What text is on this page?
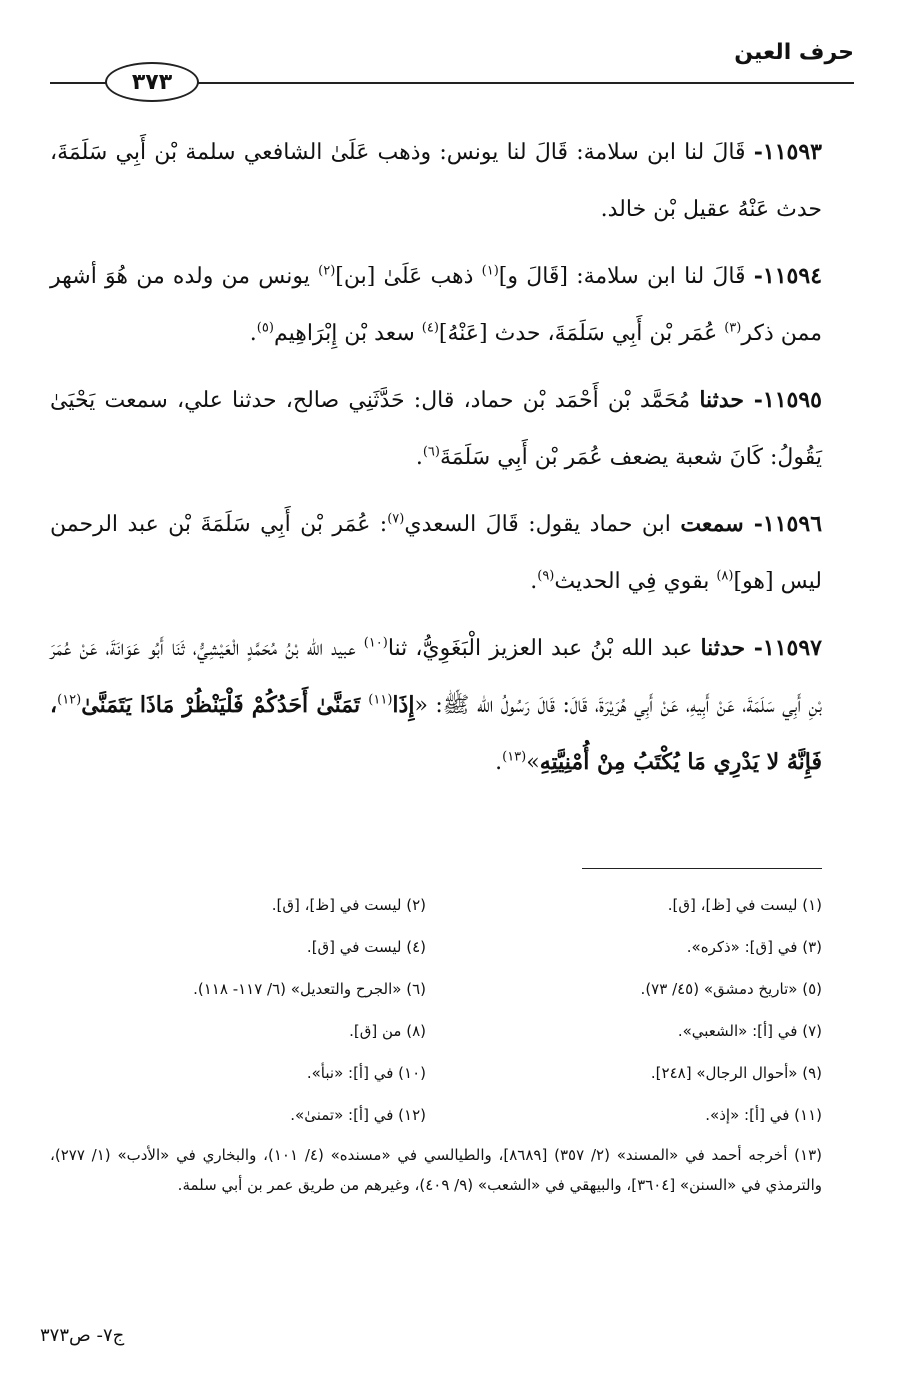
حرف العين
٣٧٣

١١٥٩٣- قَالَ لنا ابن سلامة: قَالَ لنا يونس: وذهب عَلَىٰ الشافعي سلمة بْن أَبِي سَلَمَةَ، حدث عَنْهُ عقيل بْن خالد.

١١٥٩٤- قَالَ لنا ابن سلامة: [قَالَ و]$^{(١)}$ ذهب عَلَىٰ [بن]$^{(٢)}$ يونس من ولده من هُوَ أشهر ممن ذكر$^{(٣)}$ عُمَر بْن أَبِي سَلَمَةَ، حدث [عَنْهُ]$^{(٤)}$ سعد بْن إِبْرَاهِيم$^{(٥)}$.

١١٥٩٥- حدثنا مُحَمَّد بْن أَحْمَد بْن حماد، قال: حَدَّثَنِي صالح، حدثنا علي، سمعت يَحْيَىٰ يَقُولُ: كَانَ شعبة يضعف عُمَر بْن أَبِي سَلَمَةَ$^{(٦)}$.

١١٥٩٦- سمعت ابن حماد يقول: قَالَ السعدي$^{(٧)}$: عُمَر بْن أَبِي سَلَمَةَ بْن عبد الرحمن ليس [هو]$^{(٨)}$ بقوي فِي الحديث$^{(٩)}$.

١١٥٩٧- حدثنا عبد الله بْنُ عبد العزيز الْبَغَوِيُّ، ثنا$^{(١٠)}$ عبيد الله بْنُ مُحَمَّدٍ الْعَيْشِيُّ، ثَنَا أَبُو عَوَانَةَ، عَنْ عُمَرَ بْنِ أَبِي سَلَمَةَ، عَنْ أَبِيهِ، عَنْ أَبِي هُرَيْرَةَ، قَالَ: قَالَ رَسُولُ الله ﷺ: «إِذَا$^{(١١)}$ تَمَنَّىٰ أَحَدُكُمْ فَلْيَنْظُرْ مَاذَا يَتَمَنَّىٰ$^{(١٢)}$، فَإِنَّهُ لا يَدْرِي مَا يُكْتَبُ مِنْ أُمْنِيَّتِهِ»$^{(١٣)}$.

(١) ليست في [ظ]، [ق].
(٢) ليست في [ظ]، [ق].
(٣) في [ق]: «ذكره».
(٤) ليست في [ق].
(٥) «تاريخ دمشق» (٤٥/ ٧٣).
(٦) «الجرح والتعديل» (٦/ ١١٧- ١١٨).
(٧) في [أ]: «الشعبي».
(٨) من [ق].
(٩) «أحوال الرجال» [٢٤٨].
(١٠) في [أ]: «نبأ».
(١١) في [أ]: «إذ».
(١٢) في [أ]: «تمنىٰ».
(١٣) أخرجه أحمد في «المسند» (٢/ ٣٥٧) [٨٦٨٩]، والطيالسي في «مسنده» (٤/ ١٠١)، والبخاري في «الأدب» (١/ ٢٧٧)، والترمذي في «السنن» [٣٦٠٤]، والبيهقي في «الشعب» (٩/ ٤٠٩)، وغيرهم من طريق عمر بن أبي سلمة.
ج٧- ص٣٧٣
